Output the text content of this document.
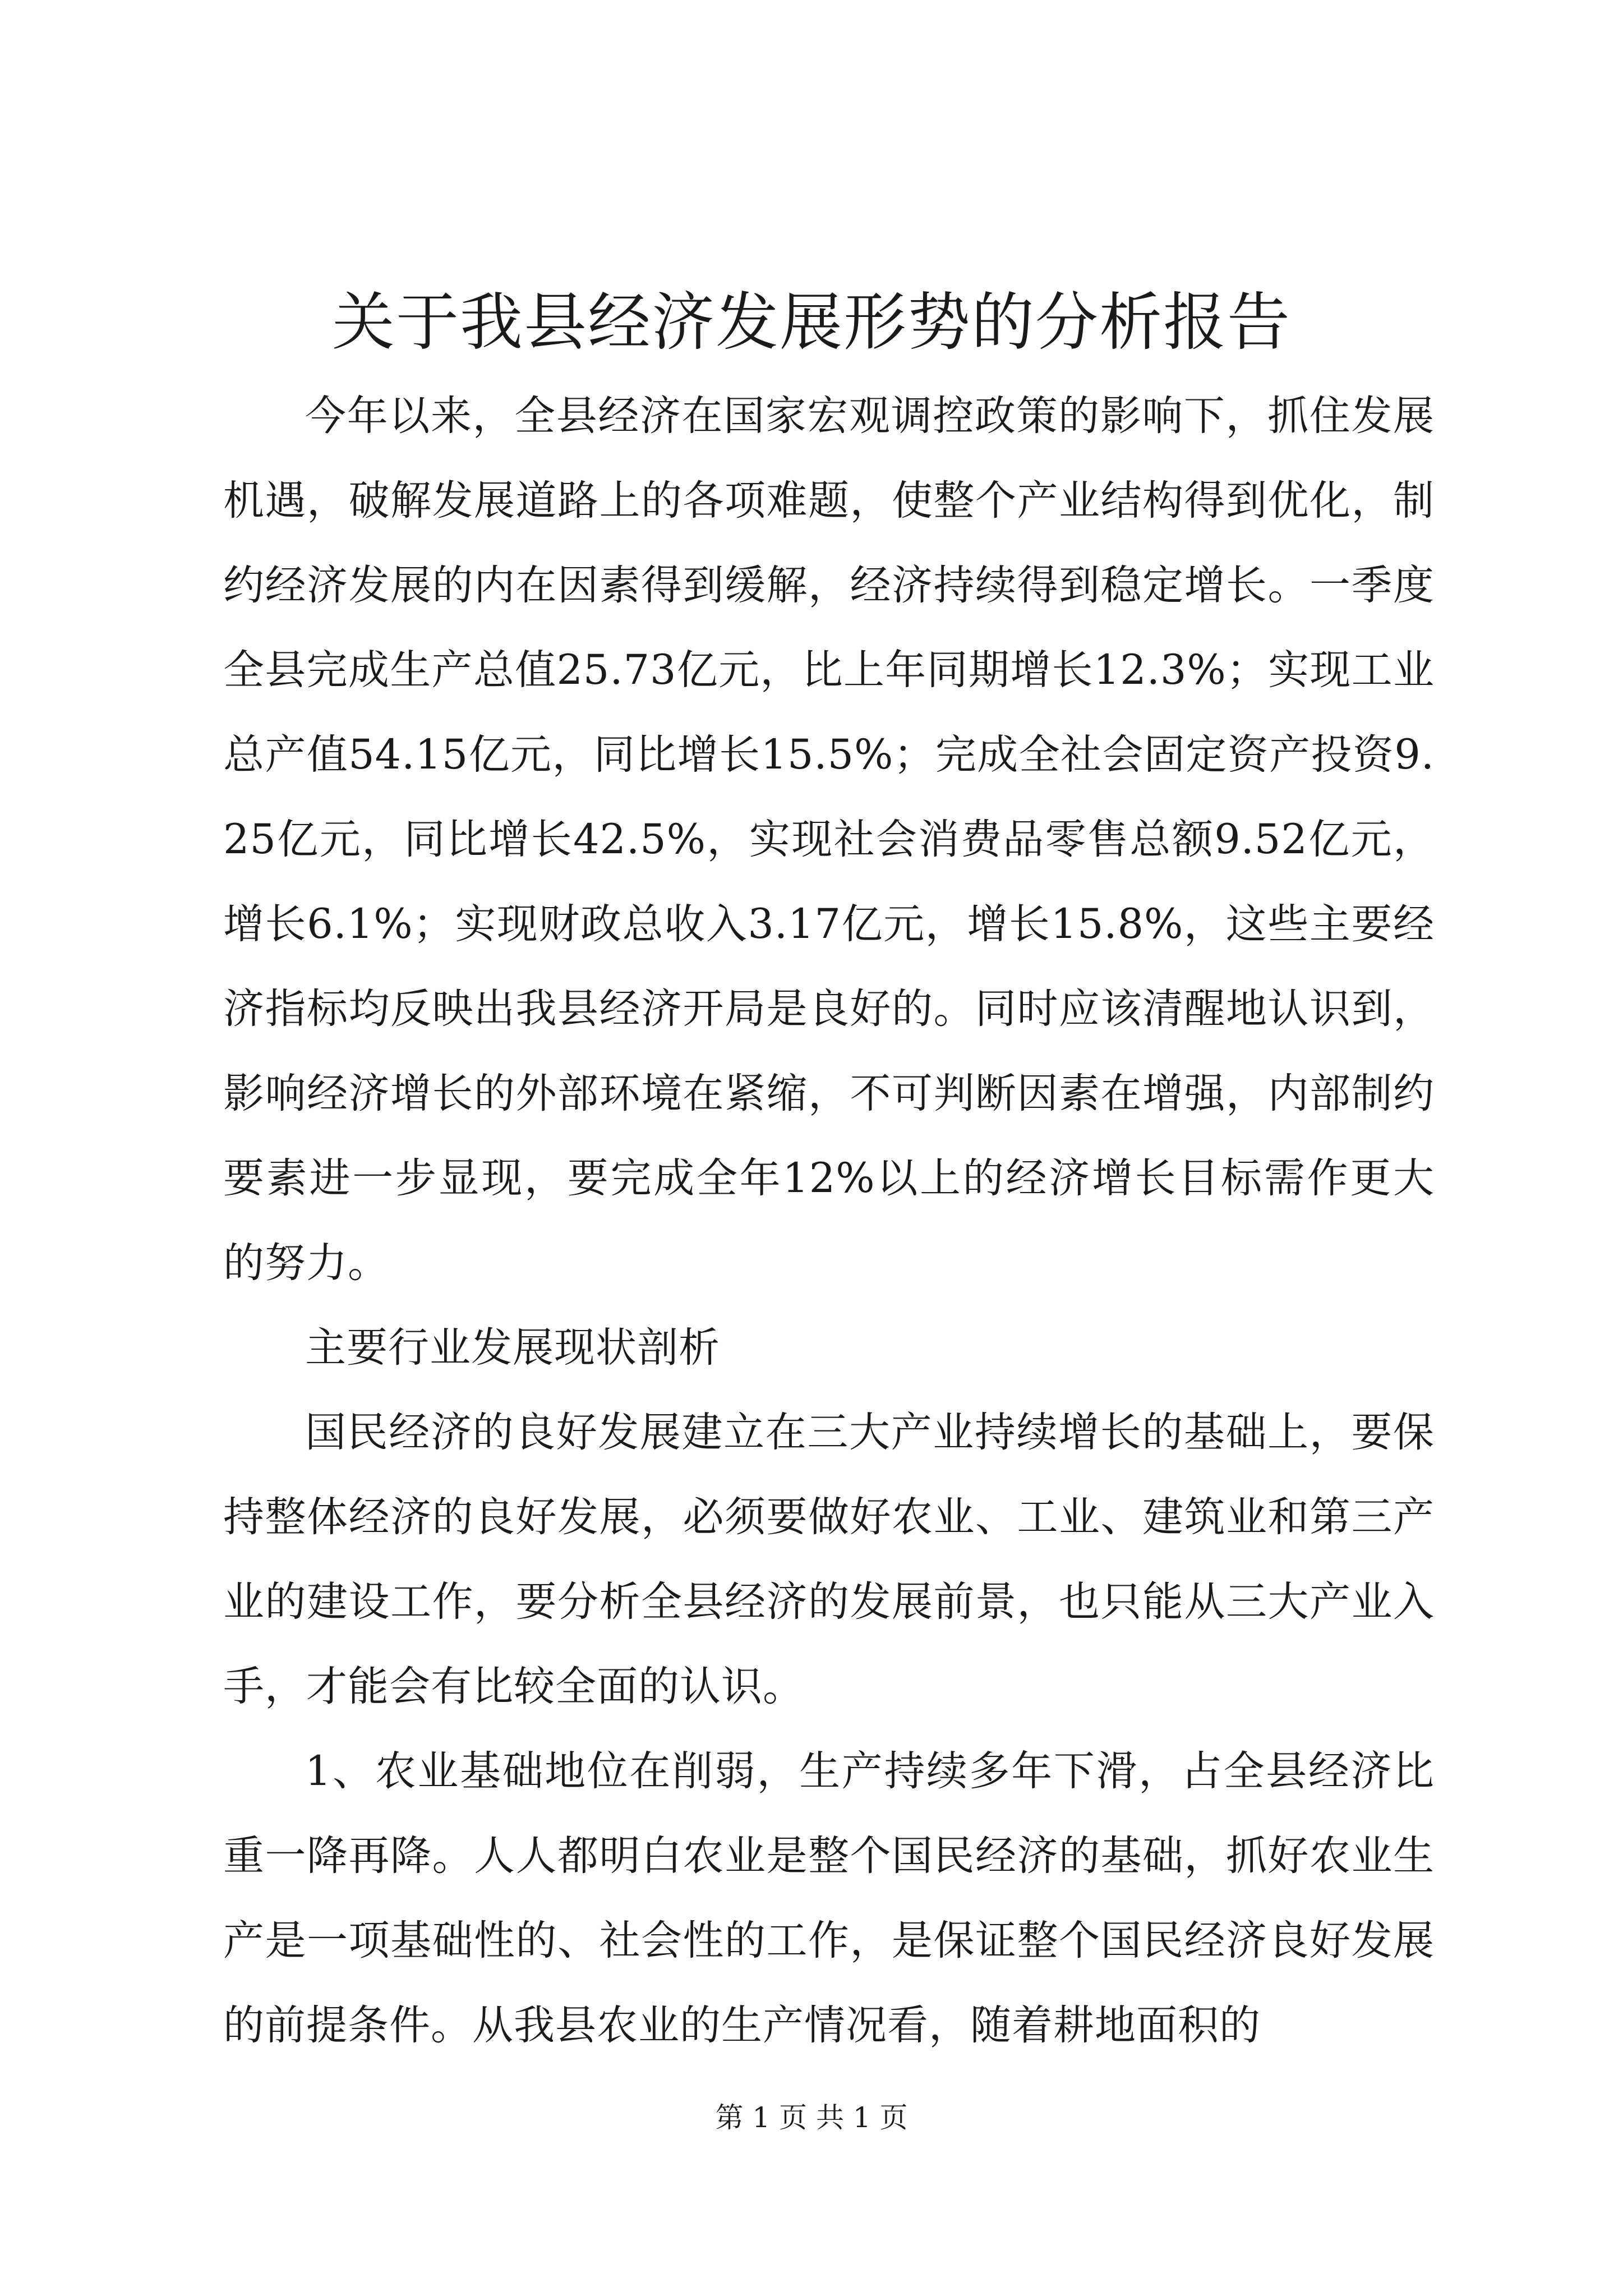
关于我县经济发展形势的分析报告

今年以来，全县经济在国家宏观调控政策的影响下，抓住发展机遇，破解发展道路上的各项难题，使整个产业结构得到优化，制约经济发展的内在因素得到缓解，经济持续得到稳定增长。一季度全县完成生产总值25.73亿元，比上年同期增长12.3%；实现工业总产值54.15亿元，同比增长15.5%；完成全社会固定资产投资9.25亿元，同比增长42.5%，实现社会消费品零售总额9.52亿元，增长6.1%；实现财政总收入3.17亿元，增长15.8%，这些主要经济指标均反映出我县经济开局是良好的。同时应该清醒地认识到，影响经济增长的外部环境在紧缩，不可判断因素在增强，内部制约要素进一步显现，要完成全年12%以上的经济增长目标需作更大的努力。

主要行业发展现状剖析

国民经济的良好发展建立在三大产业持续增长的基础上，要保持整体经济的良好发展，必须要做好农业、工业、建筑业和第三产业的建设工作，要分析全县经济的发展前景，也只能从三大产业入手，才能会有比较全面的认识。

1、农业基础地位在削弱，生产持续多年下滑，占全县经济比重一降再降。人人都明白农业是整个国民经济的基础，抓好农业生产是一项基础性的、社会性的工作，是保证整个国民经济良好发展的前提条件。从我县农业的生产情况看，随着耕地面积的

第 1 页 共 1 页
